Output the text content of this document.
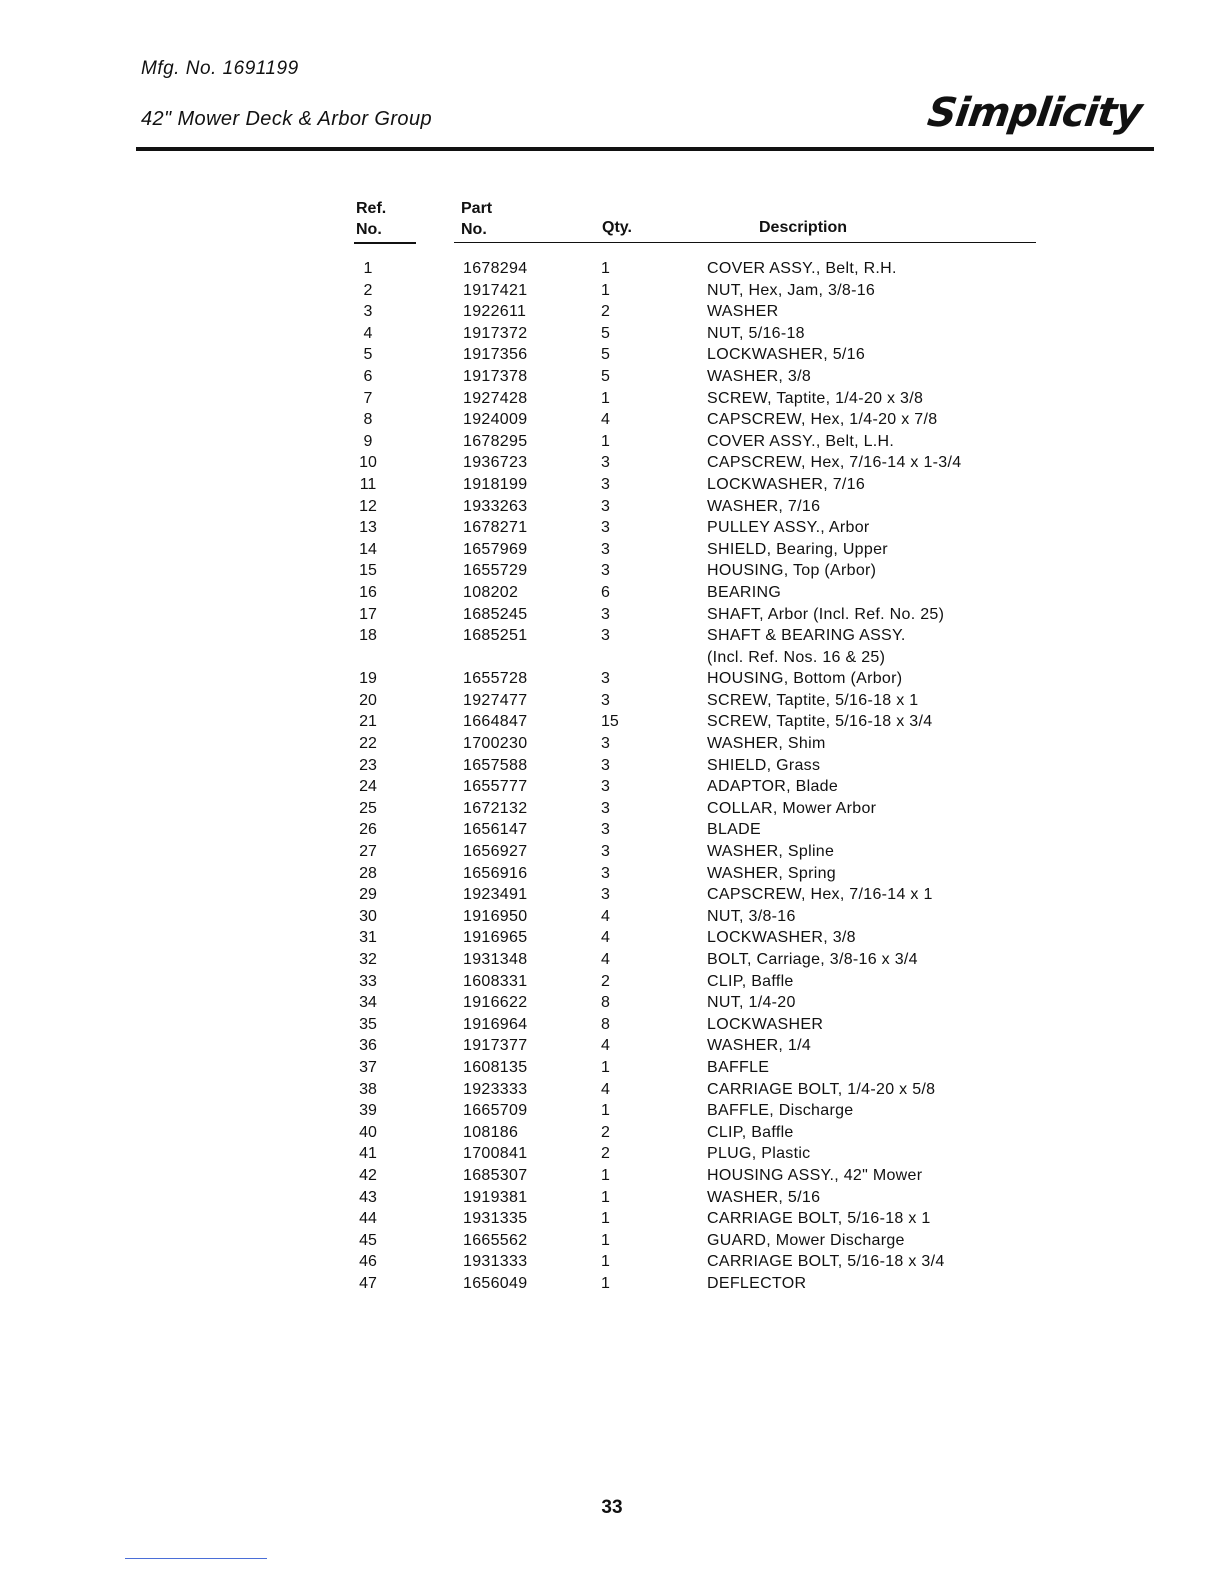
Mfg. No. 1691199
42" Mower Deck & Arbor Group	Simplicity
Ref.
No.
Part
No.	Qty.	Description
1	1678294	1	COVER ASSY., Belt, R.H.
2	1917421	1	NUT, Hex, Jam, 3/8-16
3	1922611	2	WASHER
4	1917372	5	NUT, 5/16-18
5	1917356	5	LOCKWASHER, 5/16
6	1917378	5	WASHER, 3/8
7	1927428	1	SCREW, Taptite, 1/4-20 x 3/8
8	1924009	4	CAPSCREW, Hex, 1/4-20 x 7/8
9	1678295	1	COVER ASSY., Belt, L.H.
10	1936723	3	CAPSCREW, Hex, 7/16-14 x 1-3/4
11	1918199	3	LOCKWASHER, 7/16
12	1933263	3	WASHER, 7/16
13	1678271	3	PULLEY ASSY., Arbor
14	1657969	3	SHIELD, Bearing, Upper
15	1655729	3	HOUSING, Top (Arbor)
16	108202	6	BEARING
17	1685245	3	SHAFT, Arbor (Incl. Ref. No. 25)
18	1685251	3	SHAFT & BEARING ASSY.
(Incl. Ref. Nos. 16 & 25)
19	1655728	3	HOUSING, Bottom (Arbor)
20	1927477	3	SCREW, Taptite, 5/16-18 x 1
21	1664847	15	SCREW, Taptite, 5/16-18 x 3/4
22	1700230	3	WASHER, Shim
23	1657588	3	SHIELD, Grass
24	1655777	3	ADAPTOR, Blade
25	1672132	3	COLLAR, Mower Arbor
26	1656147	3	BLADE
27	1656927	3	WASHER, Spline
28	1656916	3	WASHER, Spring
29	1923491	3	CAPSCREW, Hex, 7/16-14 x 1
30	1916950	4	NUT, 3/8-16
31	1916965	4	LOCKWASHER, 3/8
32	1931348	4	BOLT, Carriage, 3/8-16 x 3/4
33	1608331	2	CLIP, Baffle
34	1916622	8	NUT, 1/4-20
35	1916964	8	LOCKWASHER
36	1917377	4	WASHER, 1/4
37	1608135	1	BAFFLE
38	1923333	4	CARRIAGE BOLT, 1/4-20 x 5/8
39	1665709	1	BAFFLE, Discharge
40	108186	2	CLIP, Baffle
41	1700841	2	PLUG, Plastic
42	1685307	1	HOUSING ASSY., 42" Mower
43	1919381	1	WASHER, 5/16
44	1931335	1	CARRIAGE BOLT, 5/16-18 x 1
45	1665562	1	GUARD, Mower Discharge
46	1931333	1	CARRIAGE BOLT, 5/16-18 x 3/4
47	1656049	1	DEFLECTOR
33
